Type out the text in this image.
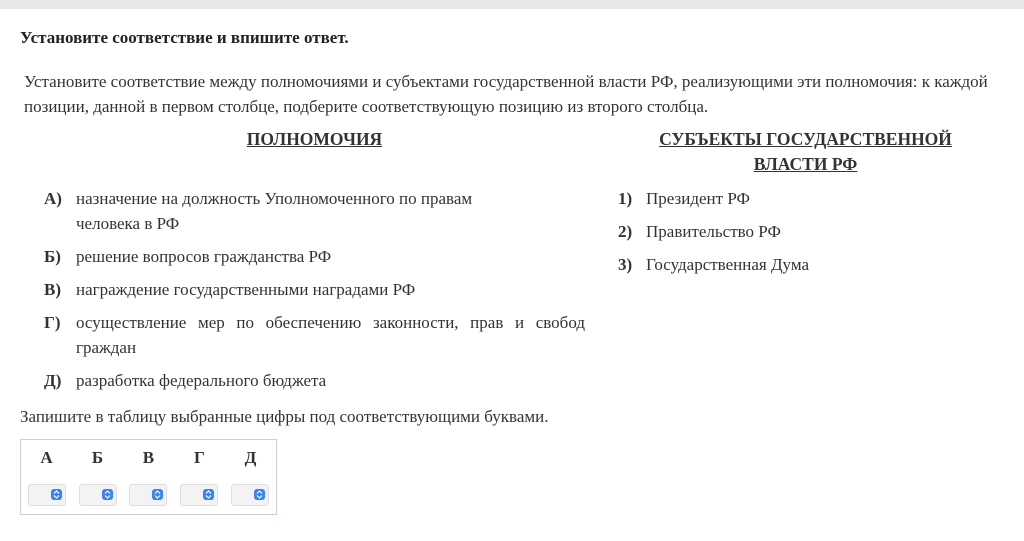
Установите соответствие и впишите ответ.
Установите соответствие между полномочиями и субъектами государственной власти РФ, реализующими эти полномочия: к каждой позиции, данной в первом столбце, подберите соответствующую позицию из второго столбца.
ПОЛНОМОЧИЯ	СУБЪЕКТЫ ГОСУДАРСТВЕННОЙ
ВЛАСТИ РФ
А) назначение на должность Уполномоченного по правам человека в РФ
Б) решение вопросов гражданства РФ
В) награждение государственными наградами РФ
Г) осуществление мер по обеспечению законности, прав и свобод граждан
Д) разработка федерального бюджета
1) Президент РФ
2) Правительство РФ
3) Государственная Дума
Запишите в таблицу выбранные цифры под соответствующими буквами.
А	Б	В	Г	Д
